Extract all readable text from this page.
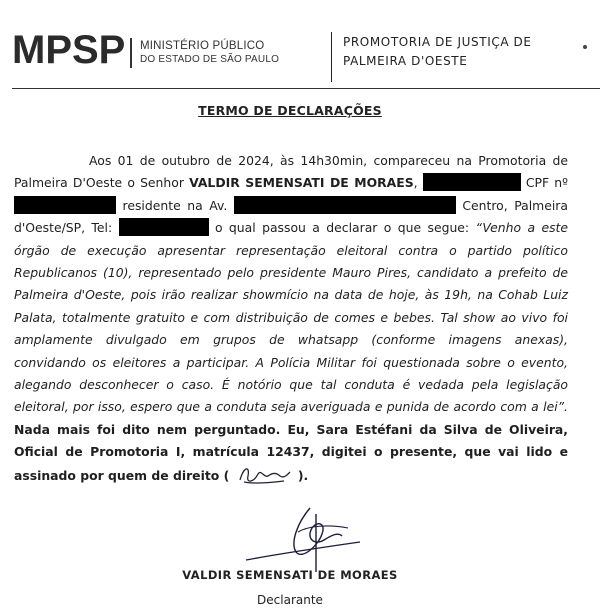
MPSP MINISTÉRIO PÚBLICO
DO ESTADO DE SÃO PAULO
PROMOTORIA DE JUSTIÇA DE
PALMEIRA D'OESTE
TERMO DE DECLARAÇÕES

Aos 01 de outubro de 2024, às 14h30min, compareceu na Promotoria de Palmeira D'Oeste o Senhor VALDIR SEMENSATI DE MORAES,	CPF nº  residente na Av.	Centro, Palmeira d'Oeste/SP, Tel:	o qual passou a declarar o que segue: “Venho a este órgão de execução apresentar representação eleitoral contra o partido político Republicanos (10), representado pelo presidente Mauro Pires, candidato a prefeito de Palmeira d'Oeste, pois irão realizar showmício na data de hoje, às 19h, na Cohab Luiz Palata, totalmente gratuito e com distribuição de comes e bebes. Tal show ao vivo foi amplamente divulgado em grupos de whatsapp (conforme imagens anexas), convidando os eleitores a participar. A Polícia Militar foi questionada sobre o evento, alegando desconhecer o caso. É notório que tal conduta é vedada pela legislação eleitoral, por isso, espero que a conduta seja averiguada e punida de acordo com a lei”. Nada mais foi dito nem perguntado. Eu, Sara Estéfani da Silva de Oliveira, Oficial de Promotoria I, matrícula 12437, digitei o presente, que vai lido e assinado por quem de direito (	).

VALDIR SEMENSATI DE MORAES
Declarante
